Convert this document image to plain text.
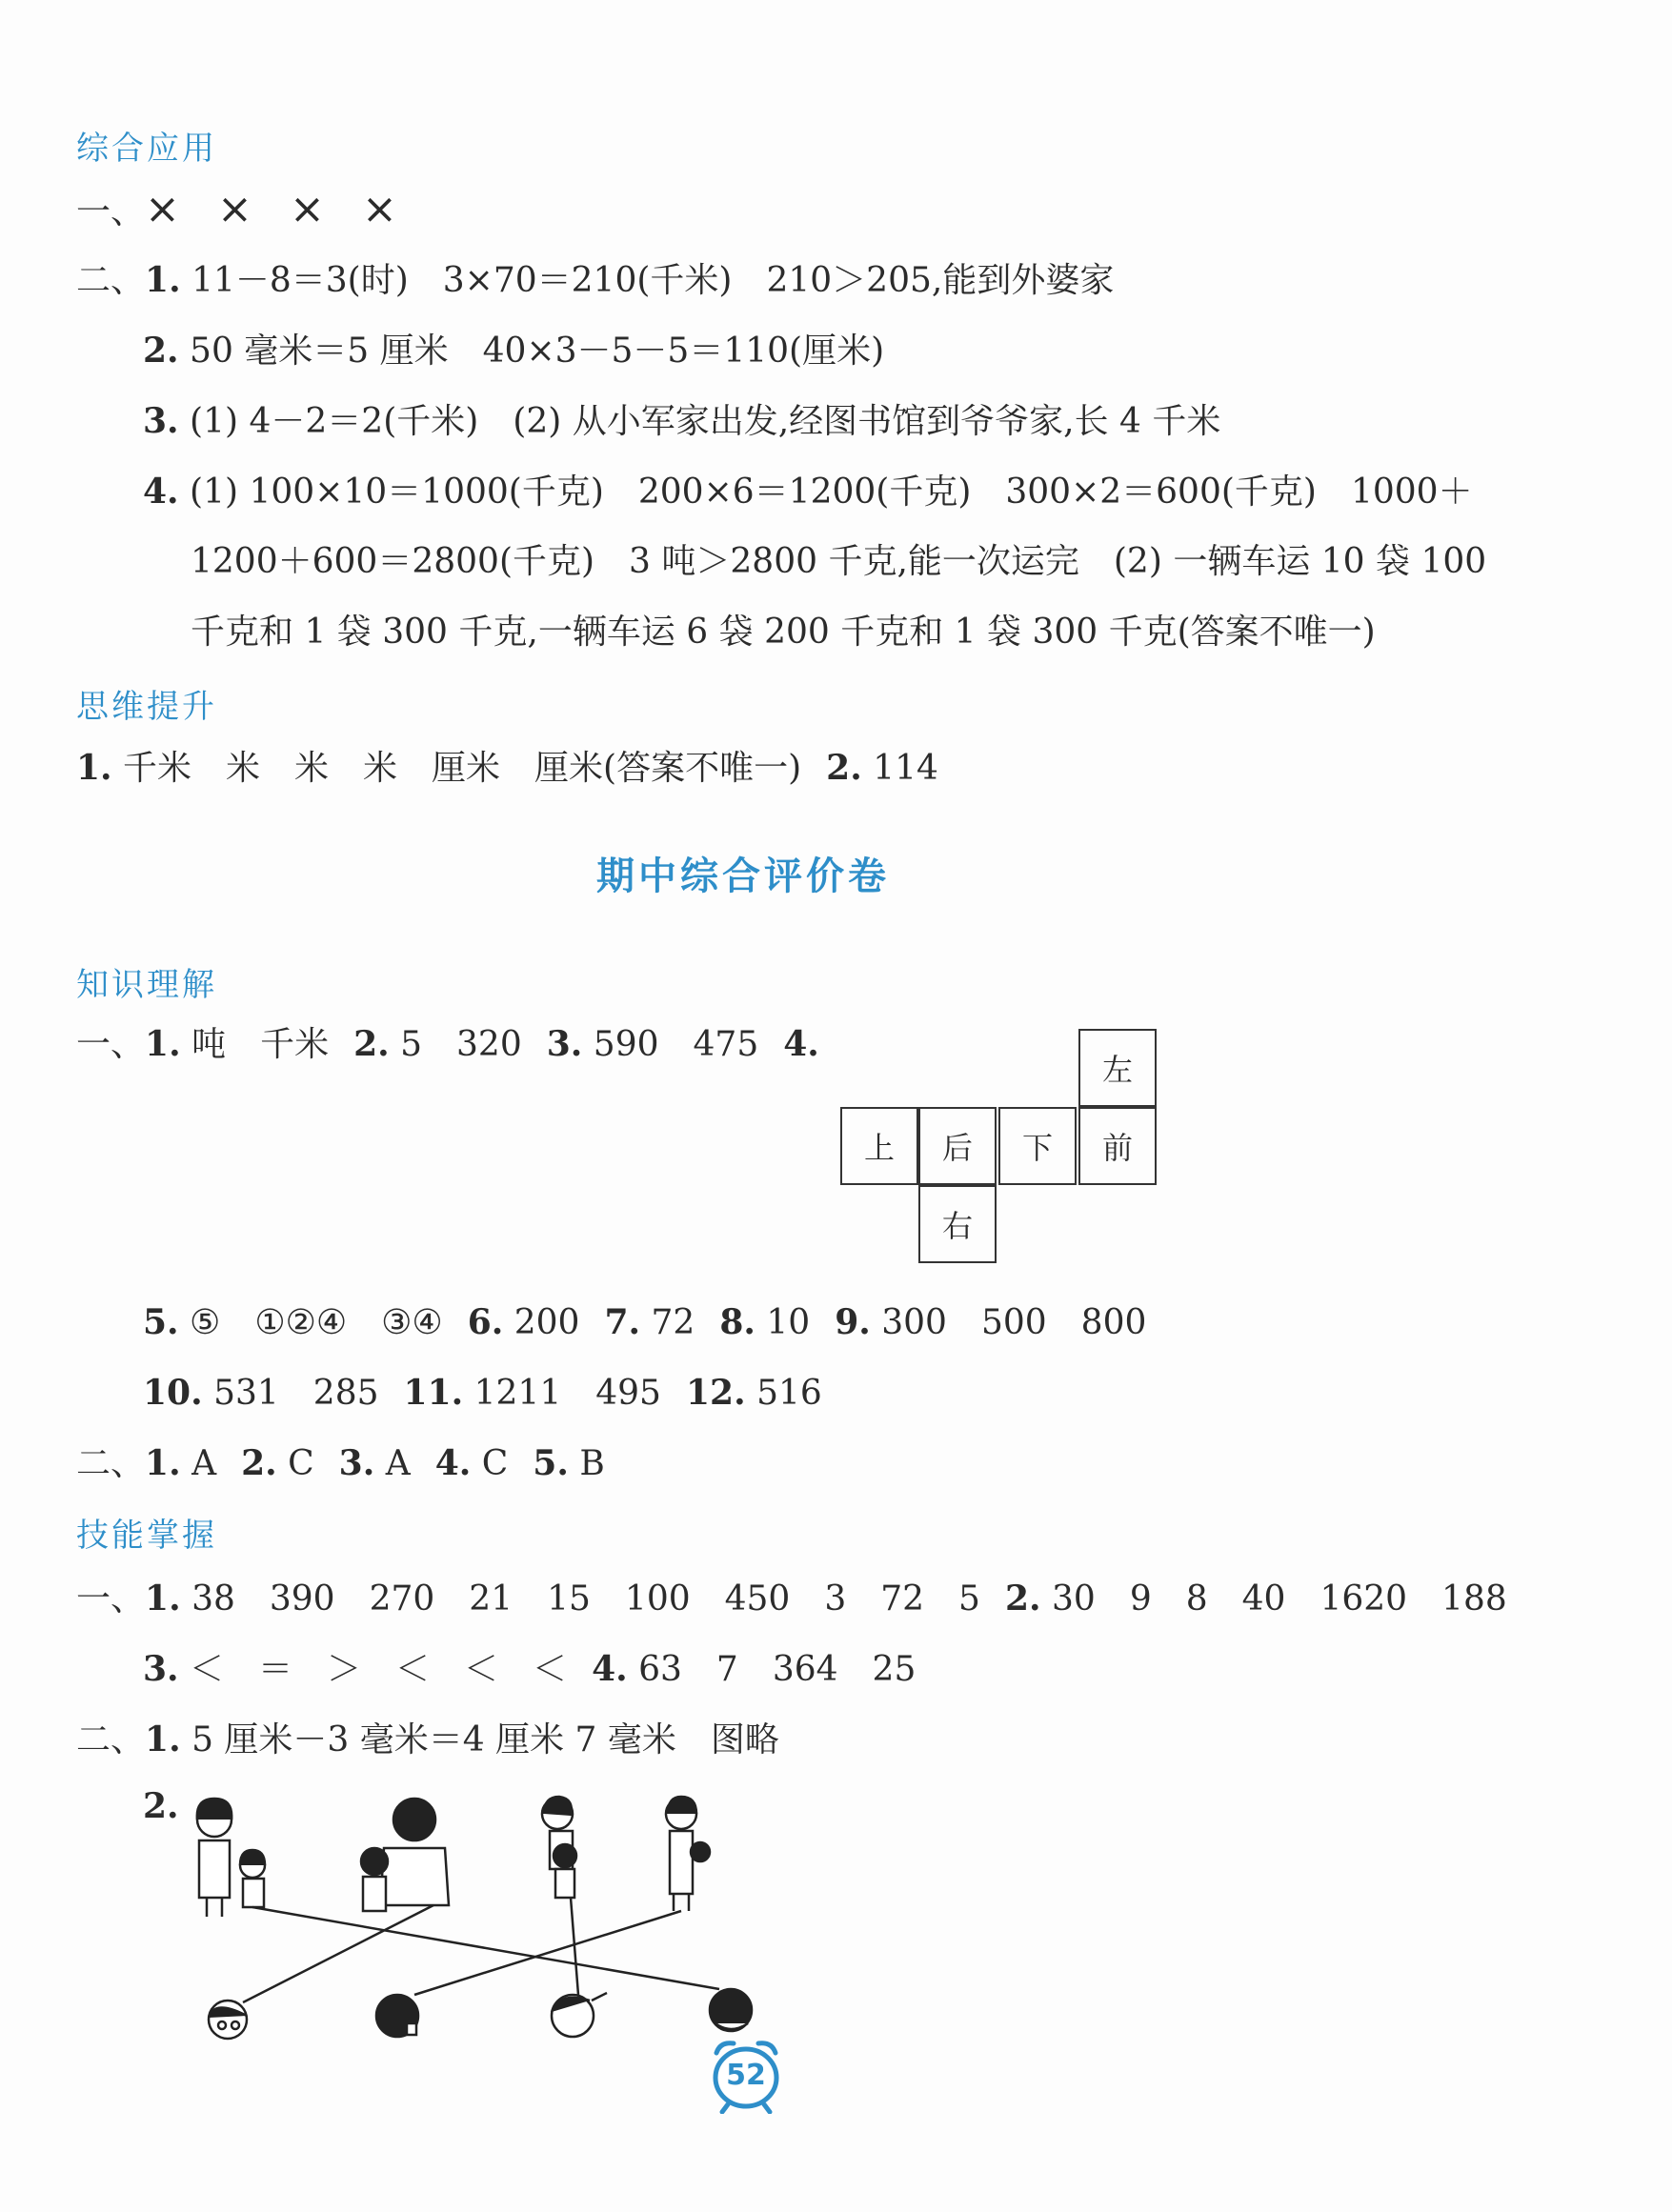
综合应用
一、× × × ×
二、1. 11－8＝3(时)　3×70＝210(千米)　210＞205,能到外婆家
2. 50 毫米＝5 厘米　40×3－5－5＝110(厘米)
3. (1) 4－2＝2(千米)　(2) 从小军家出发,经图书馆到爷爷家,长 4 千米
4. (1) 100×10＝1000(千克)　200×6＝1200(千克)　300×2＝600(千克)　1000＋
1200＋600＝2800(千克)　3 吨＞2800 千克,能一次运完　(2) 一辆车运 10 袋 100
千克和 1 袋 300 千克,一辆车运 6 袋 200 千克和 1 袋 300 千克(答案不唯一)
思维提升
1. 千米　米　米　米　厘米　厘米(答案不唯一) 2. 114
期中综合评价卷
知识理解
一、1. 吨　千米 2. 5　320 3. 590　475 4.
左
上	后	下	前
右
5. ⑤　①②④　③④ 6. 200 7. 72 8. 10 9. 300　500　800
10. 531　285 11. 1211　495 12. 516
二、1. A 2. C 3. A 4. C 5. B
技能掌握
一、1. 38　390　270　21　15　100　450　3　72　5 2. 30　9　8　40　1620　188
3. ＜　＝　＞　＜　＜　＜ 4. 63　7　364　25
二、1. 5 厘米－3 毫米＝4 厘米 7 毫米　图略
2.
52
